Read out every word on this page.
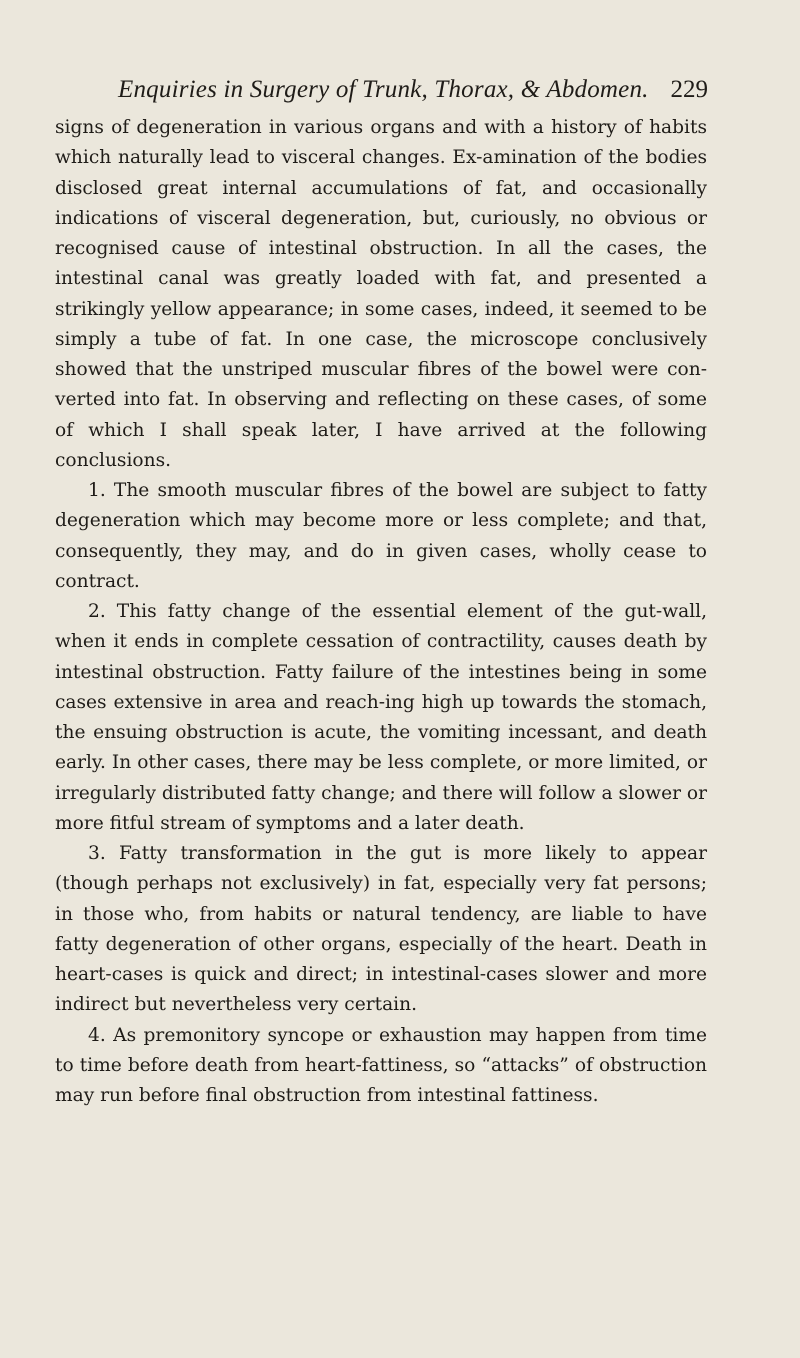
Enquiries in Surgery of Trunk, Thorax, & Abdomen. 229

signs of degeneration in various organs and with a history of habits which naturally lead to visceral changes. Ex-amination of the bodies disclosed great internal accumulations of fat, and occasionally indications of visceral degeneration, but, curiously, no obvious or recognised cause of intestinal obstruction. In all the cases, the intestinal canal was greatly loaded with fat, and presented a strikingly yellow appearance; in some cases, indeed, it seemed to be simply a tube of fat. In one case, the microscope conclusively showed that the unstriped muscular fibres of the bowel were con-verted into fat. In observing and reflecting on these cases, of some of which I shall speak later, I have arrived at the following conclusions.

1. The smooth muscular fibres of the bowel are subject to fatty degeneration which may become more or less complete; and that, consequently, they may, and do in given cases, wholly cease to contract.

2. This fatty change of the essential element of the gut-wall, when it ends in complete cessation of contractility, causes death by intestinal obstruction. Fatty failure of the intestines being in some cases extensive in area and reach-ing high up towards the stomach, the ensuing obstruction is acute, the vomiting incessant, and death early. In other cases, there may be less complete, or more limited, or irregularly distributed fatty change; and there will follow a slower or more fitful stream of symptoms and a later death.

3. Fatty transformation in the gut is more likely to appear (though perhaps not exclusively) in fat, especially very fat persons; in those who, from habits or natural tendency, are liable to have fatty degeneration of other organs, especially of the heart. Death in heart-cases is quick and direct; in intestinal-cases slower and more indirect but nevertheless very certain.

4. As premonitory syncope or exhaustion may happen from time to time before death from heart-fattiness, so “attacks” of obstruction may run before final obstruction from intestinal fattiness.
